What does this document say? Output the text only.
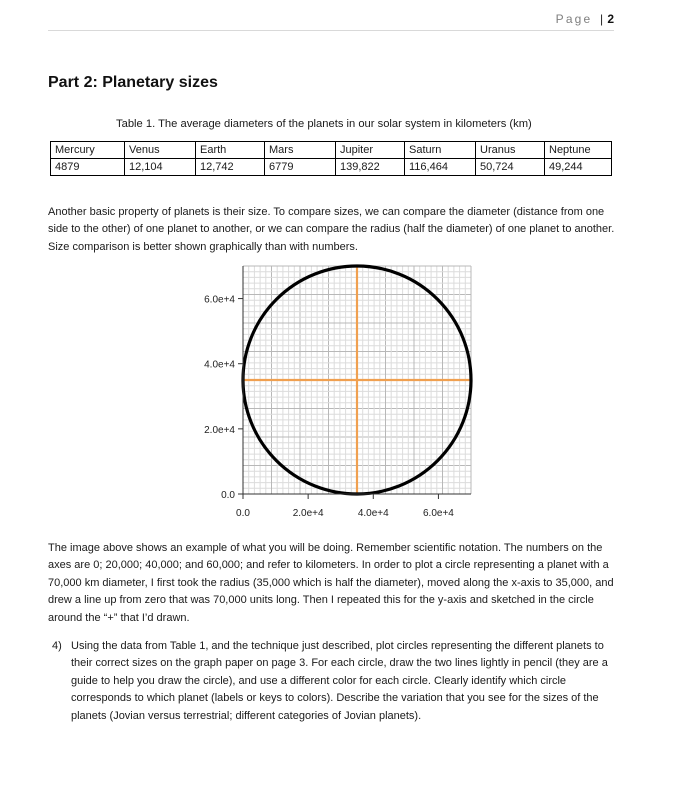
Page | 2
Part 2: Planetary sizes
Table 1. The average diameters of the planets in our solar system in kilometers (km)
Mercury	Venus	Earth	Mars	Jupiter	Saturn	Uranus	Neptune
4879	12,104	12,742	6779	139,822	116,464	50,724	49,244

Another basic property of planets is their size. To compare sizes, we can compare the diameter (distance from one side to the other) of one planet to another, or we can compare the radius (half the diameter) of one planet to another. Size comparison is better shown graphically than with numbers.

0.0	2.0e+4	4.0e+4	6.0e+4
0.0
2.0e+4
4.0e+4
6.0e+4

The image above shows an example of what you will be doing. Remember scientific notation. The numbers on the axes are 0; 20,000; 40,000; and 60,000; and refer to kilometers. In order to plot a circle representing a planet with a 70,000 km diameter, I first took the radius (35,000 which is half the diameter), moved along the x-axis to 35,000, and drew a line up from zero that was 70,000 units long. Then I repeated this for the y-axis and sketched in the circle around the “+” that I’d drawn.

4) Using the data from Table 1, and the technique just described, plot circles representing the different planets to their correct sizes on the graph paper on page 3. For each circle, draw the two lines lightly in pencil (they are a guide to help you draw the circle), and use a different color for each circle. Clearly identify which circle corresponds to which planet (labels or keys to colors). Describe the variation that you see for the sizes of the planets (Jovian versus terrestrial; different categories of Jovian planets).
